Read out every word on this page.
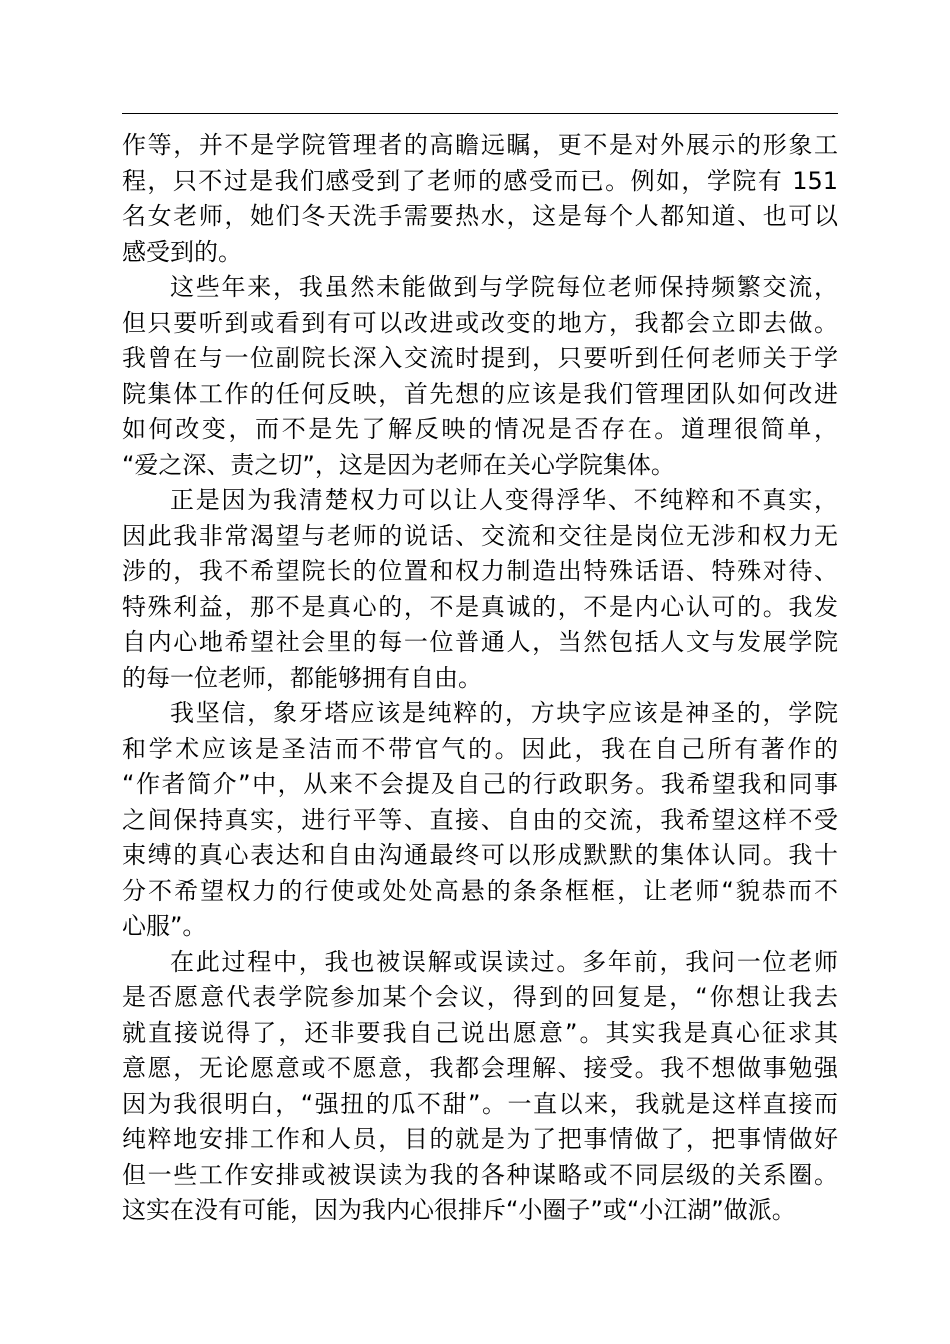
作等，并不是学院管理者的高瞻远瞩，更不是对外展示的形象工
程，只不过是我们感受到了老师的感受而已。例如，学院有 151
名女老师，她们冬天洗手需要热水，这是每个人都知道、也可以
感受到的。
这些年来，我虽然未能做到与学院每位老师保持频繁交流，
但只要听到或看到有可以改进或改变的地方，我都会立即去做。
我曾在与一位副院长深入交流时提到，只要听到任何老师关于学
院集体工作的任何反映，首先想的应该是我们管理团队如何改进
如何改变，而不是先了解反映的情况是否存在。道理很简单，
“爱之深、责之切”，这是因为老师在关心学院集体。
正是因为我清楚权力可以让人变得浮华、不纯粹和不真实，
因此我非常渴望与老师的说话、交流和交往是岗位无涉和权力无
涉的，我不希望院长的位置和权力制造出特殊话语、特殊对待、
特殊利益，那不是真心的，不是真诚的，不是内心认可的。我发
自内心地希望社会里的每一位普通人，当然包括人文与发展学院
的每一位老师，都能够拥有自由。
我坚信，象牙塔应该是纯粹的，方块字应该是神圣的，学院
和学术应该是圣洁而不带官气的。因此，我在自己所有著作的
“作者简介”中，从来不会提及自己的行政职务。我希望我和同事
之间保持真实，进行平等、直接、自由的交流，我希望这样不受
束缚的真心表达和自由沟通最终可以形成默默的集体认同。我十
分不希望权力的行使或处处高悬的条条框框，让老师“貌恭而不
心服”。
在此过程中，我也被误解或误读过。多年前，我问一位老师
是否愿意代表学院参加某个会议，得到的回复是，“你想让我去
就直接说得了，还非要我自己说出愿意”。其实我是真心征求其
意愿，无论愿意或不愿意，我都会理解、接受。我不想做事勉强
因为我很明白，“强扭的瓜不甜”。一直以来，我就是这样直接而
纯粹地安排工作和人员，目的就是为了把事情做了，把事情做好
但一些工作安排或被误读为我的各种谋略或不同层级的关系圈。
这实在没有可能，因为我内心很排斥“小圈子”或“小江湖”做派。
